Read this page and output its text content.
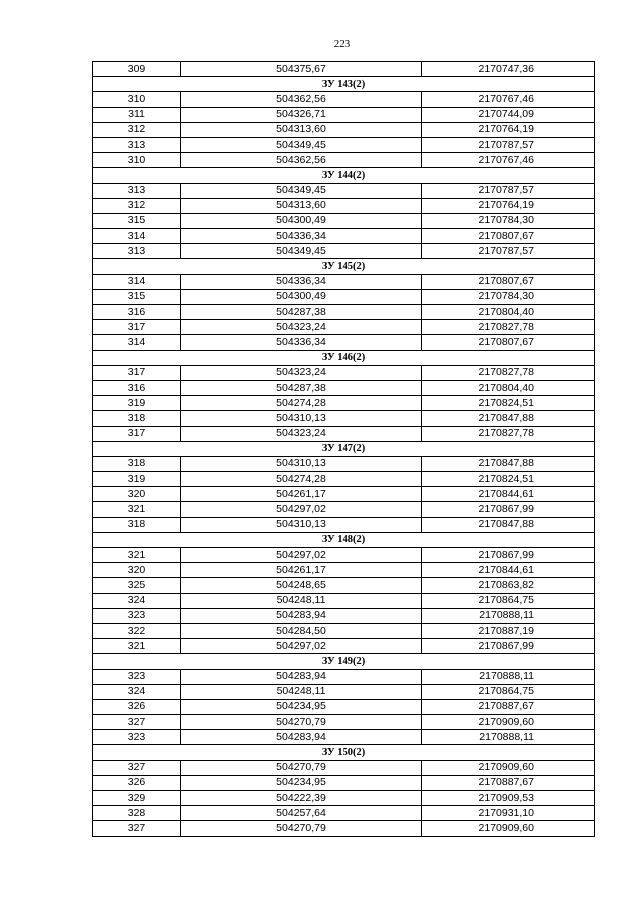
223
309	504375,67	2170747,36
ЗУ 143(2)		
310	504362,56	2170767,46
311	504326,71	2170744,09
312	504313,60	2170764,19
313	504349,45	2170787,57
310	504362,56	2170767,46
ЗУ 144(2)		
313	504349,45	2170787,57
312	504313,60	2170764,19
315	504300,49	2170784,30
314	504336,34	2170807,67
313	504349,45	2170787,57
ЗУ 145(2)		
314	504336,34	2170807,67
315	504300,49	2170784,30
316	504287,38	2170804,40
317	504323,24	2170827,78
314	504336,34	2170807,67
ЗУ 146(2)		
317	504323,24	2170827,78
316	504287,38	2170804,40
319	504274,28	2170824,51
318	504310,13	2170847,88
317	504323,24	2170827,78
ЗУ 147(2)		
318	504310,13	2170847,88
319	504274,28	2170824,51
320	504261,17	2170844,61
321	504297,02	2170867,99
318	504310,13	2170847,88
ЗУ 148(2)		
321	504297,02	2170867,99
320	504261,17	2170844,61
325	504248,65	2170863,82
324	504248,11	2170864,75
323	504283,94	2170888,11
322	504284,50	2170887,19
321	504297,02	2170867,99
ЗУ 149(2)		
323	504283,94	2170888,11
324	504248,11	2170864,75
326	504234,95	2170887,67
327	504270,79	2170909,60
323	504283,94	2170888,11
ЗУ 150(2)		
327	504270,79	2170909,60
326	504234,95	2170887,67
329	504222,39	2170909,53
328	504257,64	2170931,10
327	504270,79	2170909,60
